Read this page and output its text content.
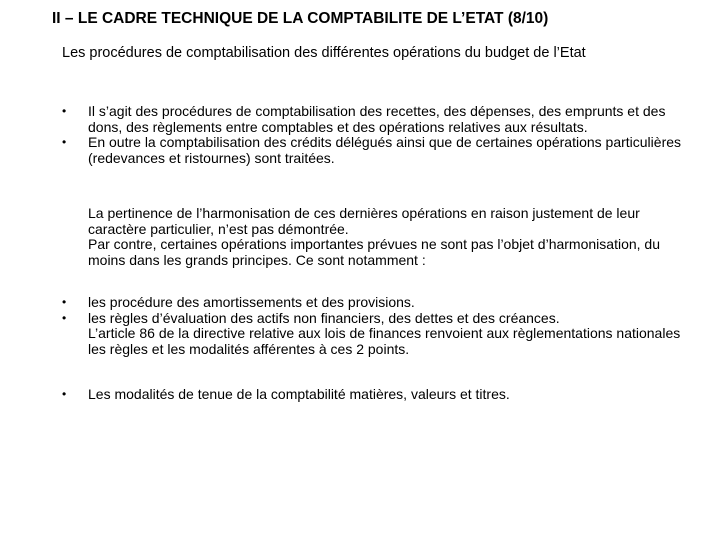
II – LE CADRE TECHNIQUE DE LA COMPTABILITE DE L’ETAT (8/10)
Les procédures de comptabilisation des différentes opérations du budget de l’Etat
•	Il s’agit des procédures de comptabilisation des recettes, des dépenses, des emprunts et des dons, des règlements entre comptables et des opérations relatives aux résultats.
•	En outre la comptabilisation des crédits délégués ainsi que de certaines opérations particulières (redevances et ristournes) sont traitées.
La pertinence de l’harmonisation de ces dernières opérations en raison justement de leur caractère particulier, n’est pas démontrée.
Par contre, certaines opérations importantes prévues ne sont pas l’objet d’harmonisation, du moins dans les grands principes. Ce sont notamment :
•	les procédure des amortissements et des provisions.
•	les règles d’évaluation des actifs non financiers, des dettes et des créances.
L’article 86 de la directive relative aux lois de finances renvoient aux règlementations nationales les règles et les modalités afférentes à ces 2 points.
•	Les modalités de tenue de la comptabilité matières, valeurs et titres.
